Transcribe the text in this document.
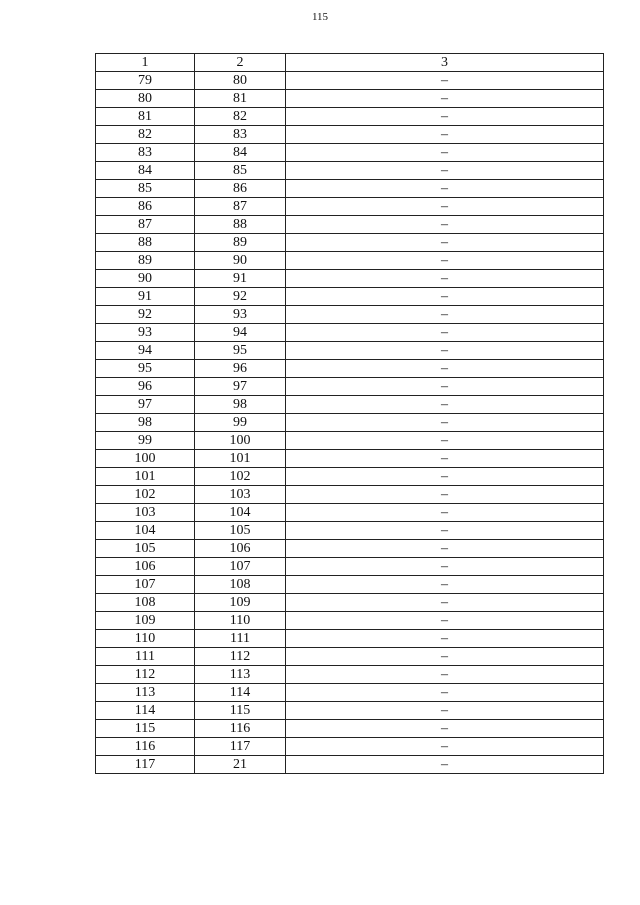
115
1	2	3
79	80	–
80	81	–
81	82	–
82	83	–
83	84	–
84	85	–
85	86	–
86	87	–
87	88	–
88	89	–
89	90	–
90	91	–
91	92	–
92	93	–
93	94	–
94	95	–
95	96	–
96	97	–
97	98	–
98	99	–
99	100	–
100	101	–
101	102	–
102	103	–
103	104	–
104	105	–
105	106	–
106	107	–
107	108	–
108	109	–
109	110	–
110	111	–
111	112	–
112	113	–
113	114	–
114	115	–
115	116	–
116	117	–
117	21	–
